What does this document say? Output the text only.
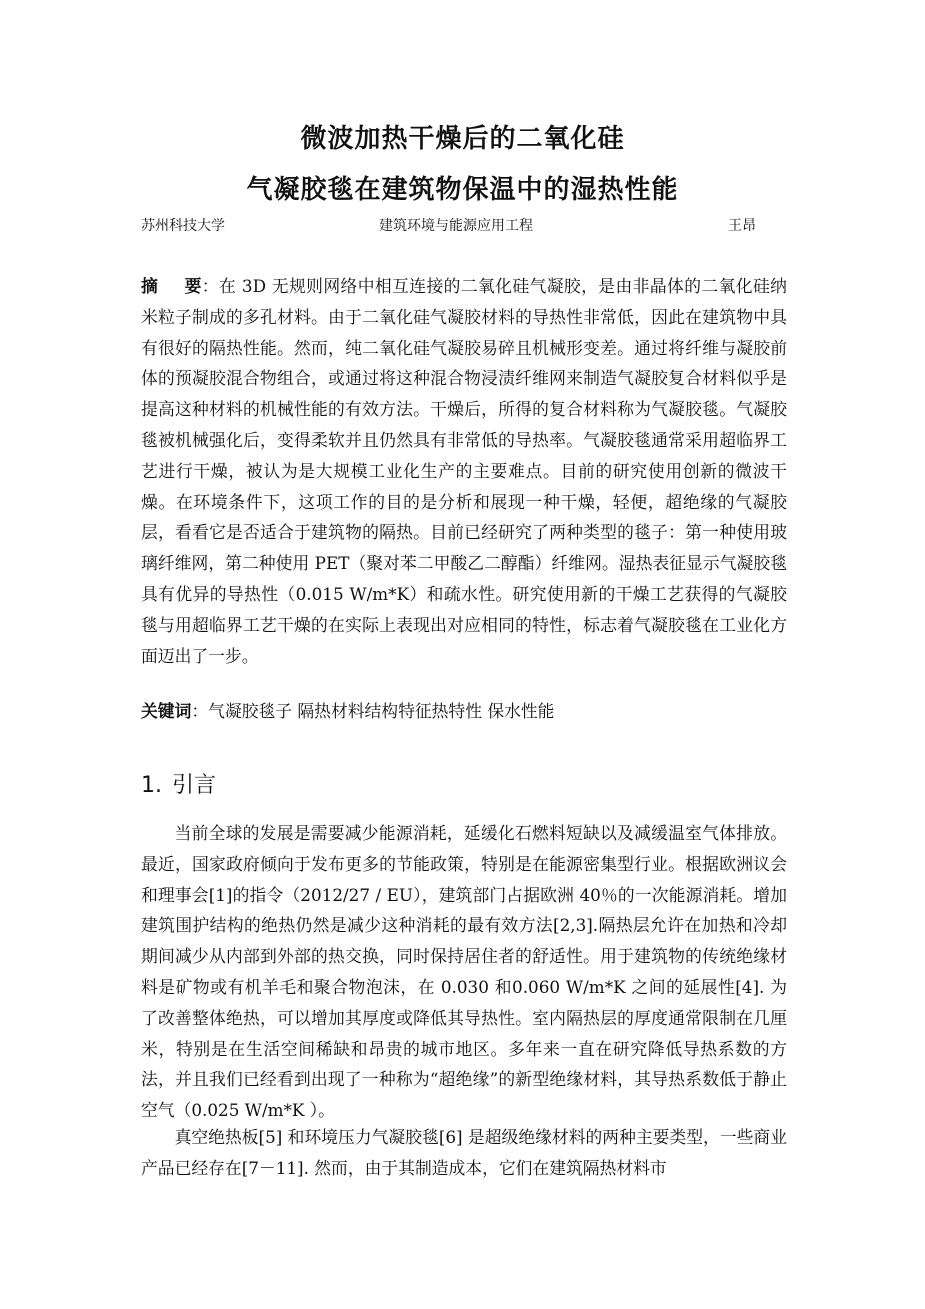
微波加热干燥后的二氧化硅
气凝胶毯在建筑物保温中的湿热性能
苏州科技大学	建筑环境与能源应用工程	王昂

摘 要：在 3D 无规则网络中相互连接的二氧化硅气凝胶，是由非晶体的二氧化硅纳米粒子制成的多孔材料。由于二氧化硅气凝胶材料的导热性非常低，因此在建筑物中具有很好的隔热性能。然而，纯二氧化硅气凝胶易碎且机械形变差。通过将纤维与凝胶前体的预凝胶混合物组合，或通过将这种混合物浸渍纤维网来制造气凝胶复合材料似乎是提高这种材料的机械性能的有效方法。干燥后，所得的复合材料称为气凝胶毯。气凝胶毯被机械强化后，变得柔软并且仍然具有非常低的导热率。气凝胶毯通常采用超临界工艺进行干燥，被认为是大规模工业化生产的主要难点。目前的研究使用创新的微波干燥。在环境条件下，这项工作的目的是分析和展现一种干燥，轻便，超绝缘的气凝胶层，看看它是否适合于建筑物的隔热。目前已经研究了两种类型的毯子：第一种使用玻璃纤维网，第二种使用 PET（聚对苯二甲酸乙二醇酯）纤维网。湿热表征显示气凝胶毯具有优异的导热性（0.015 W/m*K）和疏水性。研究使用新的干燥工艺获得的气凝胶毯与用超临界工艺干燥的在实际上表现出对应相同的特性，标志着气凝胶毯在工业化方面迈出了一步。

关键词：气凝胶毯子 隔热材料结构特征热特性 保水性能

1. 引言

当前全球的发展是需要减少能源消耗，延缓化石燃料短缺以及减缓温室气体排放。最近，国家政府倾向于发布更多的节能政策，特别是在能源密集型行业。根据欧洲议会和理事会[1]的指令（2012/27 / EU），建筑部门占据欧洲 40％的一次能源消耗。增加建筑围护结构的绝热仍然是减少这种消耗的最有效方法[2,3].隔热层允许在加热和冷却期间减少从内部到外部的热交换，同时保持居住者的舒适性。用于建筑物的传统绝缘材料是矿物或有机羊毛和聚合物泡沫，在 0.030 和0.060 W/m*K 之间的延展性[4]. 为了改善整体绝热，可以增加其厚度或降低其导热性。室内隔热层的厚度通常限制在几厘米，特别是在生活空间稀缺和昂贵的城市地区。多年来一直在研究降低导热系数的方法，并且我们已经看到出现了一种称为“超绝缘”的新型绝缘材料，其导热系数低于静止空气（0.025 W/m*K ）。

真空绝热板[5] 和环境压力气凝胶毯[6] 是超级绝缘材料的两种主要类型，一些商业产品已经存在[7－11]. 然而，由于其制造成本，它们在建筑隔热材料市
